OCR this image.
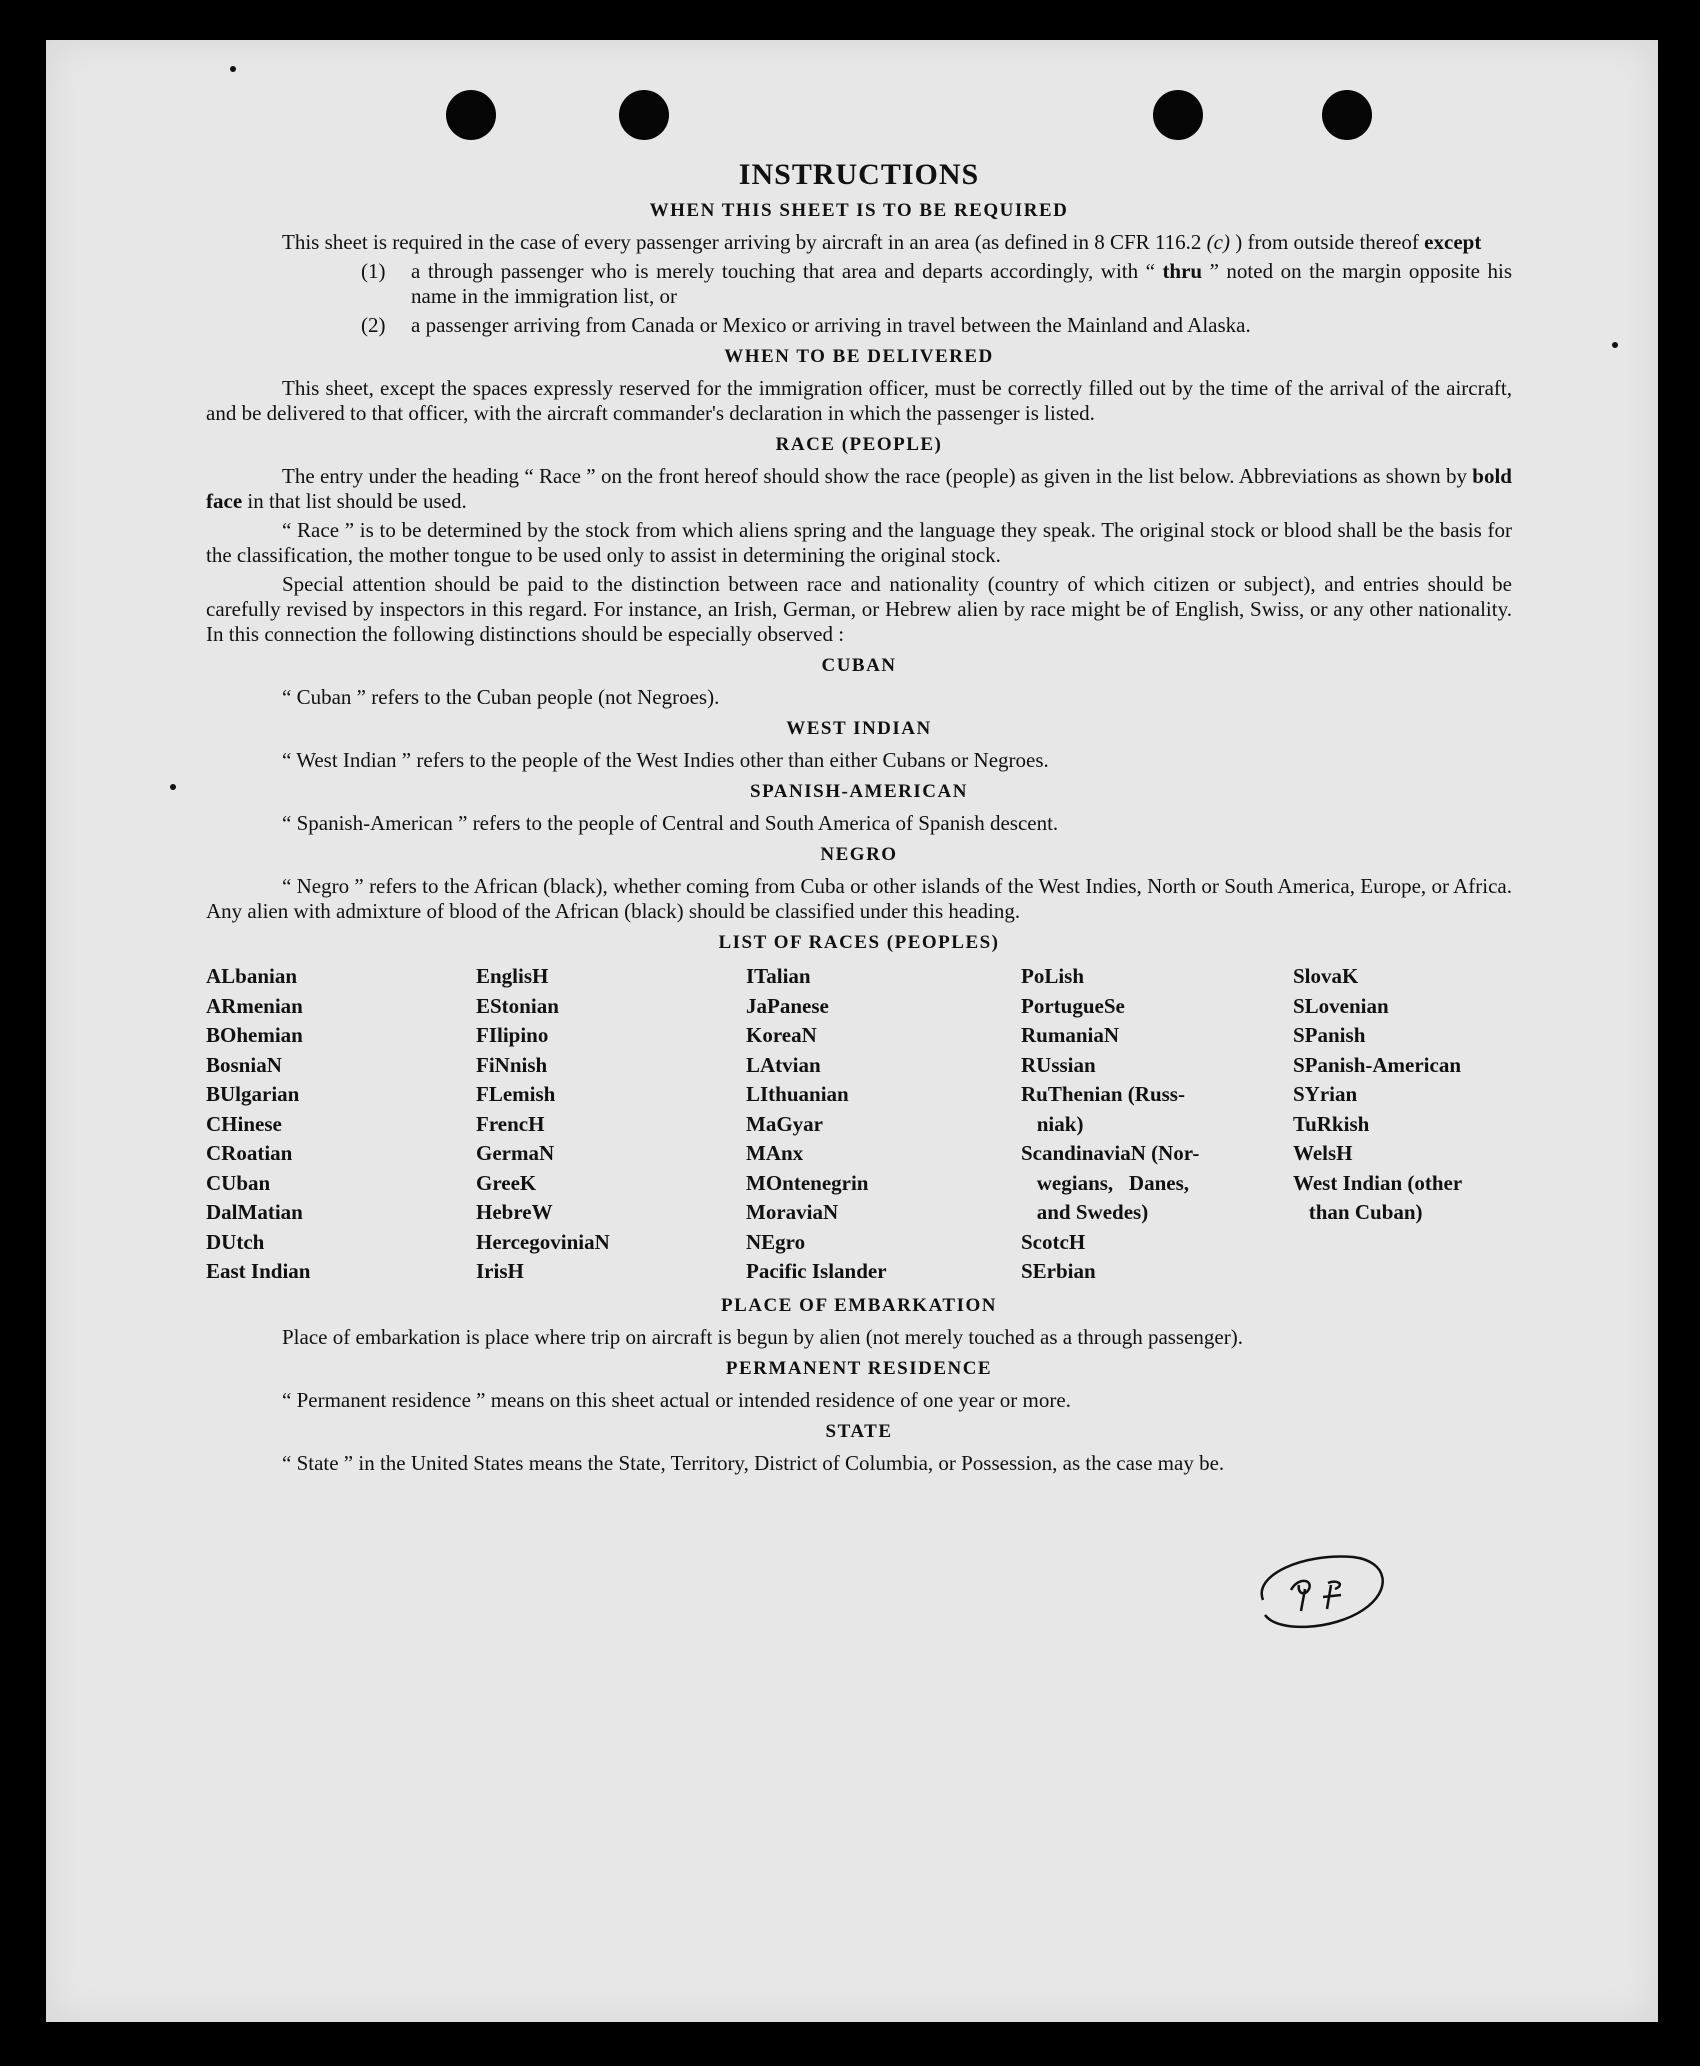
INSTRUCTIONS
WHEN THIS SHEET IS TO BE REQUIRED

This sheet is required in the case of every passenger arriving by aircraft in an area (as defined in 8 CFR 116.2 (c) ) from outside thereof except

(1)	a through passenger who is merely touching that area and departs accordingly, with “ thru ” noted on the margin opposite his name in the immigration list, or
(2)	a passenger arriving from Canada or Mexico or arriving in travel between the Mainland and Alaska.
WHEN TO BE DELIVERED

This sheet, except the spaces expressly reserved for the immigration officer, must be correctly filled out by the time of the arrival of the aircraft, and be delivered to that officer, with the aircraft commander's declaration in which the passenger is listed.

RACE (PEOPLE)

The entry under the heading “ Race ” on the front hereof should show the race (people) as given in the list below. Abbreviations as shown by bold face in that list should be used.

“ Race ” is to be determined by the stock from which aliens spring and the language they speak. The original stock or blood shall be the basis for the classification, the mother tongue to be used only to assist in determining the original stock.

Special attention should be paid to the distinction between race and nationality (country of which citizen or subject), and entries should be carefully revised by inspectors in this regard. For instance, an Irish, German, or Hebrew alien by race might be of English, Swiss, or any other nationality. In this connection the following distinctions should be especially observed :

CUBAN

“ Cuban ” refers to the Cuban people (not Negroes).

WEST INDIAN

“ West Indian ” refers to the people of the West Indies other than either Cubans or Negroes.

SPANISH-AMERICAN

“ Spanish-American ” refers to the people of Central and South America of Spanish descent.

NEGRO

“ Negro ” refers to the African (black), whether coming from Cuba or other islands of the West Indies, North or South America, Europe, or Africa. Any alien with admixture of blood of the African (black) should be classified under this heading.

LIST OF RACES (PEOPLES)
ALbanian
ARmenian
BOhemian
BosniaN
BUlgarian
CHinese
CRoatian
CUban
DalMatian
DUtch
East Indian
EnglisH
EStonian
FIlipino
FiNnish
FLemish
FrencH
GermaN
GreeK
HebreW
HercegoviniaN
IrisH
ITalian
JaPanese
KoreaN
LAtvian
LIthuanian
MaGyar
MAnx
MOntenegrin
MoraviaN
NEgro
Pacific Islander
PoLish
PortugueSe
RumaniaN
RUssian
RuThenian (Russ-
niak)
ScandinaviaN (Nor-
wegians,   Danes,
and Swedes)
ScotcH
SErbian
SlovaK
SLovenian
SPanish
SPanish-American
SYrian
TuRkish
WelsH
West Indian (other
than Cuban)
PLACE OF EMBARKATION

Place of embarkation is place where trip on aircraft is begun by alien (not merely touched as a through passenger).

PERMANENT RESIDENCE

“ Permanent residence ” means on this sheet actual or intended residence of one year or more.

STATE

“ State ” in the United States means the State, Territory, District of Columbia, or Possession, as the case may be.
